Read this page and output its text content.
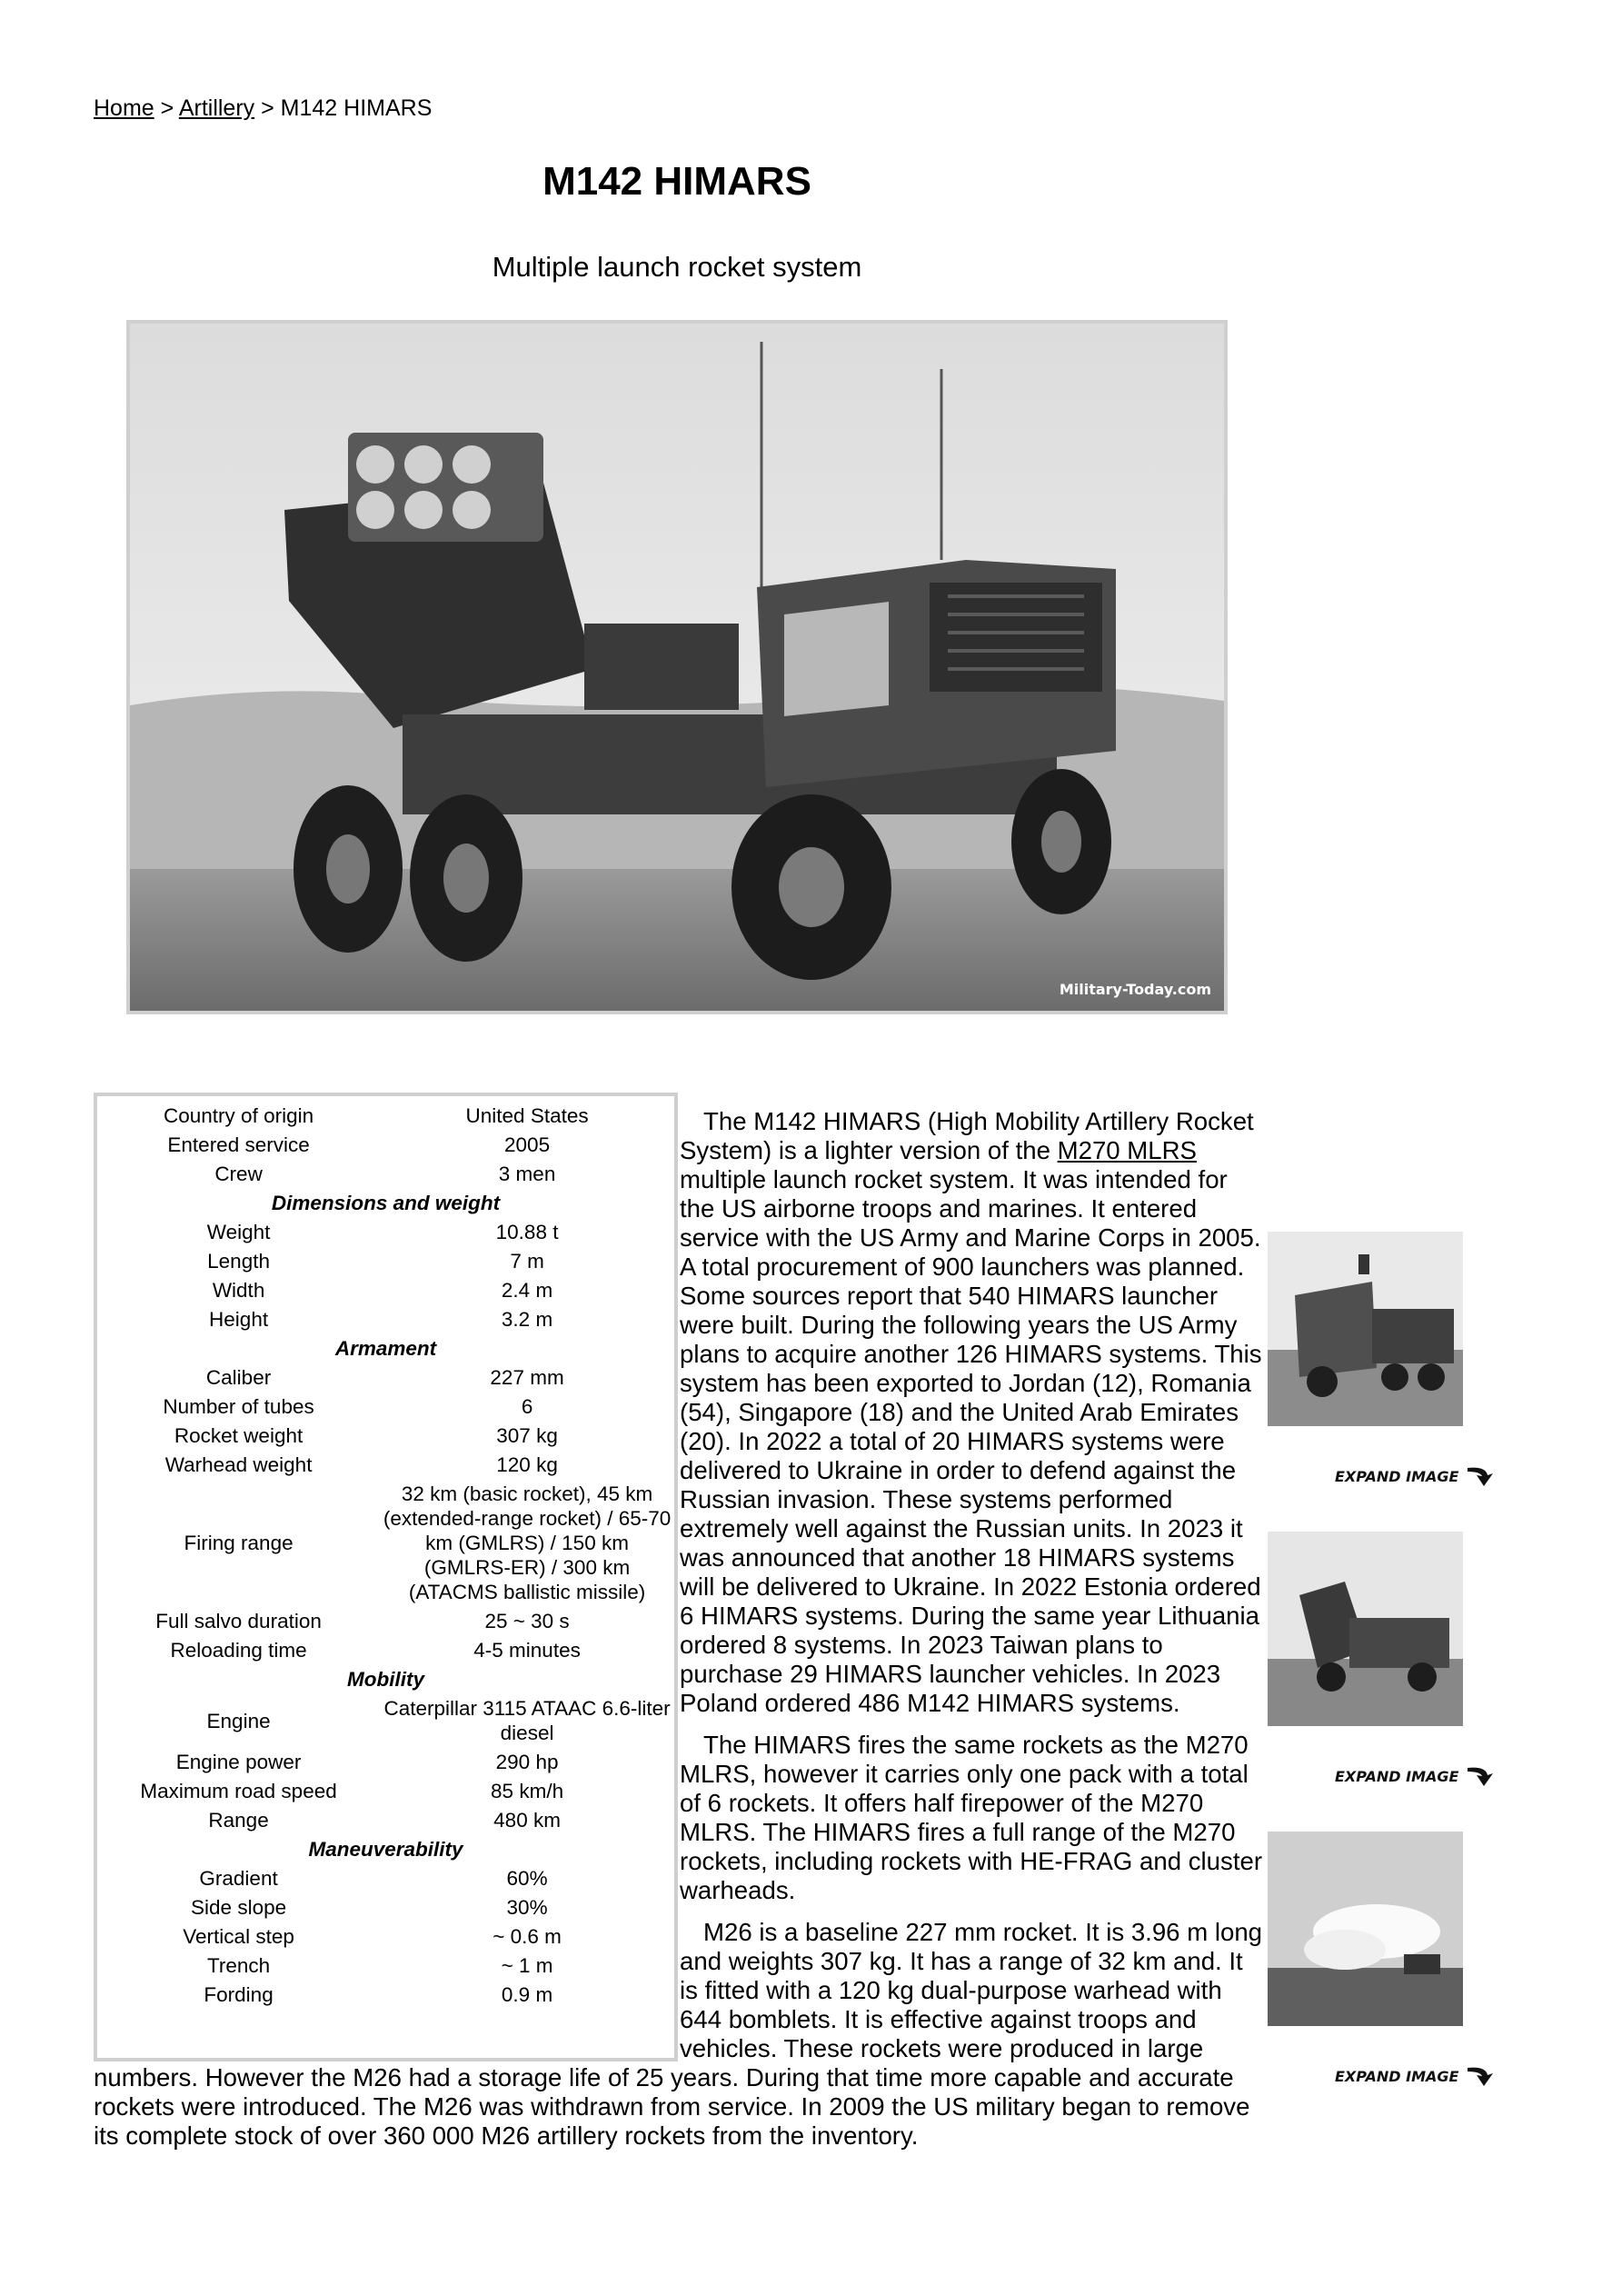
Home > Artillery > M142 HIMARS
M142 HIMARS
Multiple launch rocket system
Military-Today.com
Country of origin	United States
Entered service	2005
Crew	3 men
Dimensions and weight	
Weight	10.88 t
Length	7 m
Width	2.4 m
Height	3.2 m
Armament	
Caliber	227 mm
Number of tubes	6
Rocket weight	307 kg
Warhead weight	120 kg
Firing range	32 km (basic rocket), 45 km (extended-range rocket) / 65-70 km (GMLRS) / 150 km (GMLRS-ER) / 300 km (ATACMS ballistic missile)
Full salvo duration	25 ~ 30 s
Reloading time	4-5 minutes
Mobility	
Engine	Caterpillar 3115 ATAAC 6.6-liter diesel
Engine power	290 hp
Maximum road speed	85 km/h
Range	480 km
Maneuverability	
Gradient	60%
Side slope	30%
Vertical step	~ 0.6 m
Trench	~ 1 m
Fording	0.9 m

The M142 HIMARS (High Mobility Artillery Rocket System) is a lighter version of the M270 MLRS multiple launch rocket system. It was intended for the US airborne troops and marines. It entered service with the US Army and Marine Corps in 2005. A total procurement of 900 launchers was planned. Some sources report that 540 HIMARS launcher were built. During the following years the US Army plans to acquire another 126 HIMARS systems. This system has been exported to Jordan (12), Romania (54), Singapore (18) and the United Arab Emirates (20). In 2022 a total of 20 HIMARS systems were delivered to Ukraine in order to defend against the Russian invasion. These systems performed extremely well against the Russian units. In 2023 it was announced that another 18 HIMARS systems will be delivered to Ukraine. In 2022 Estonia ordered 6 HIMARS systems. During the same year Lithuania ordered 8 systems. In 2023 Taiwan plans to purchase 29 HIMARS launcher vehicles. In 2023 Poland ordered 486 M142 HIMARS systems.

The HIMARS fires the same rockets as the M270 MLRS, however it carries only one pack with a total of 6 rockets. It offers half firepower of the M270 MLRS. The HIMARS fires a full range of the M270 rockets, including rockets with HE-FRAG and cluster warheads.

M26 is a baseline 227 mm rocket. It is 3.96 m long and weights 307 kg. It has a range of 32 km and. It is fitted with a 120 kg dual-purpose warhead with 644 bomblets. It is effective against troops and vehicles. These rockets were produced in large numbers. However the M26 had a storage life of 25 years. During that time more capable and accurate rockets were introduced. The M26 was withdrawn from service. In 2009 the US military began to remove its complete stock of over 360 000 M26 artillery rockets from the inventory.

EXPAND IMAGE
EXPAND IMAGE
EXPAND IMAGE
